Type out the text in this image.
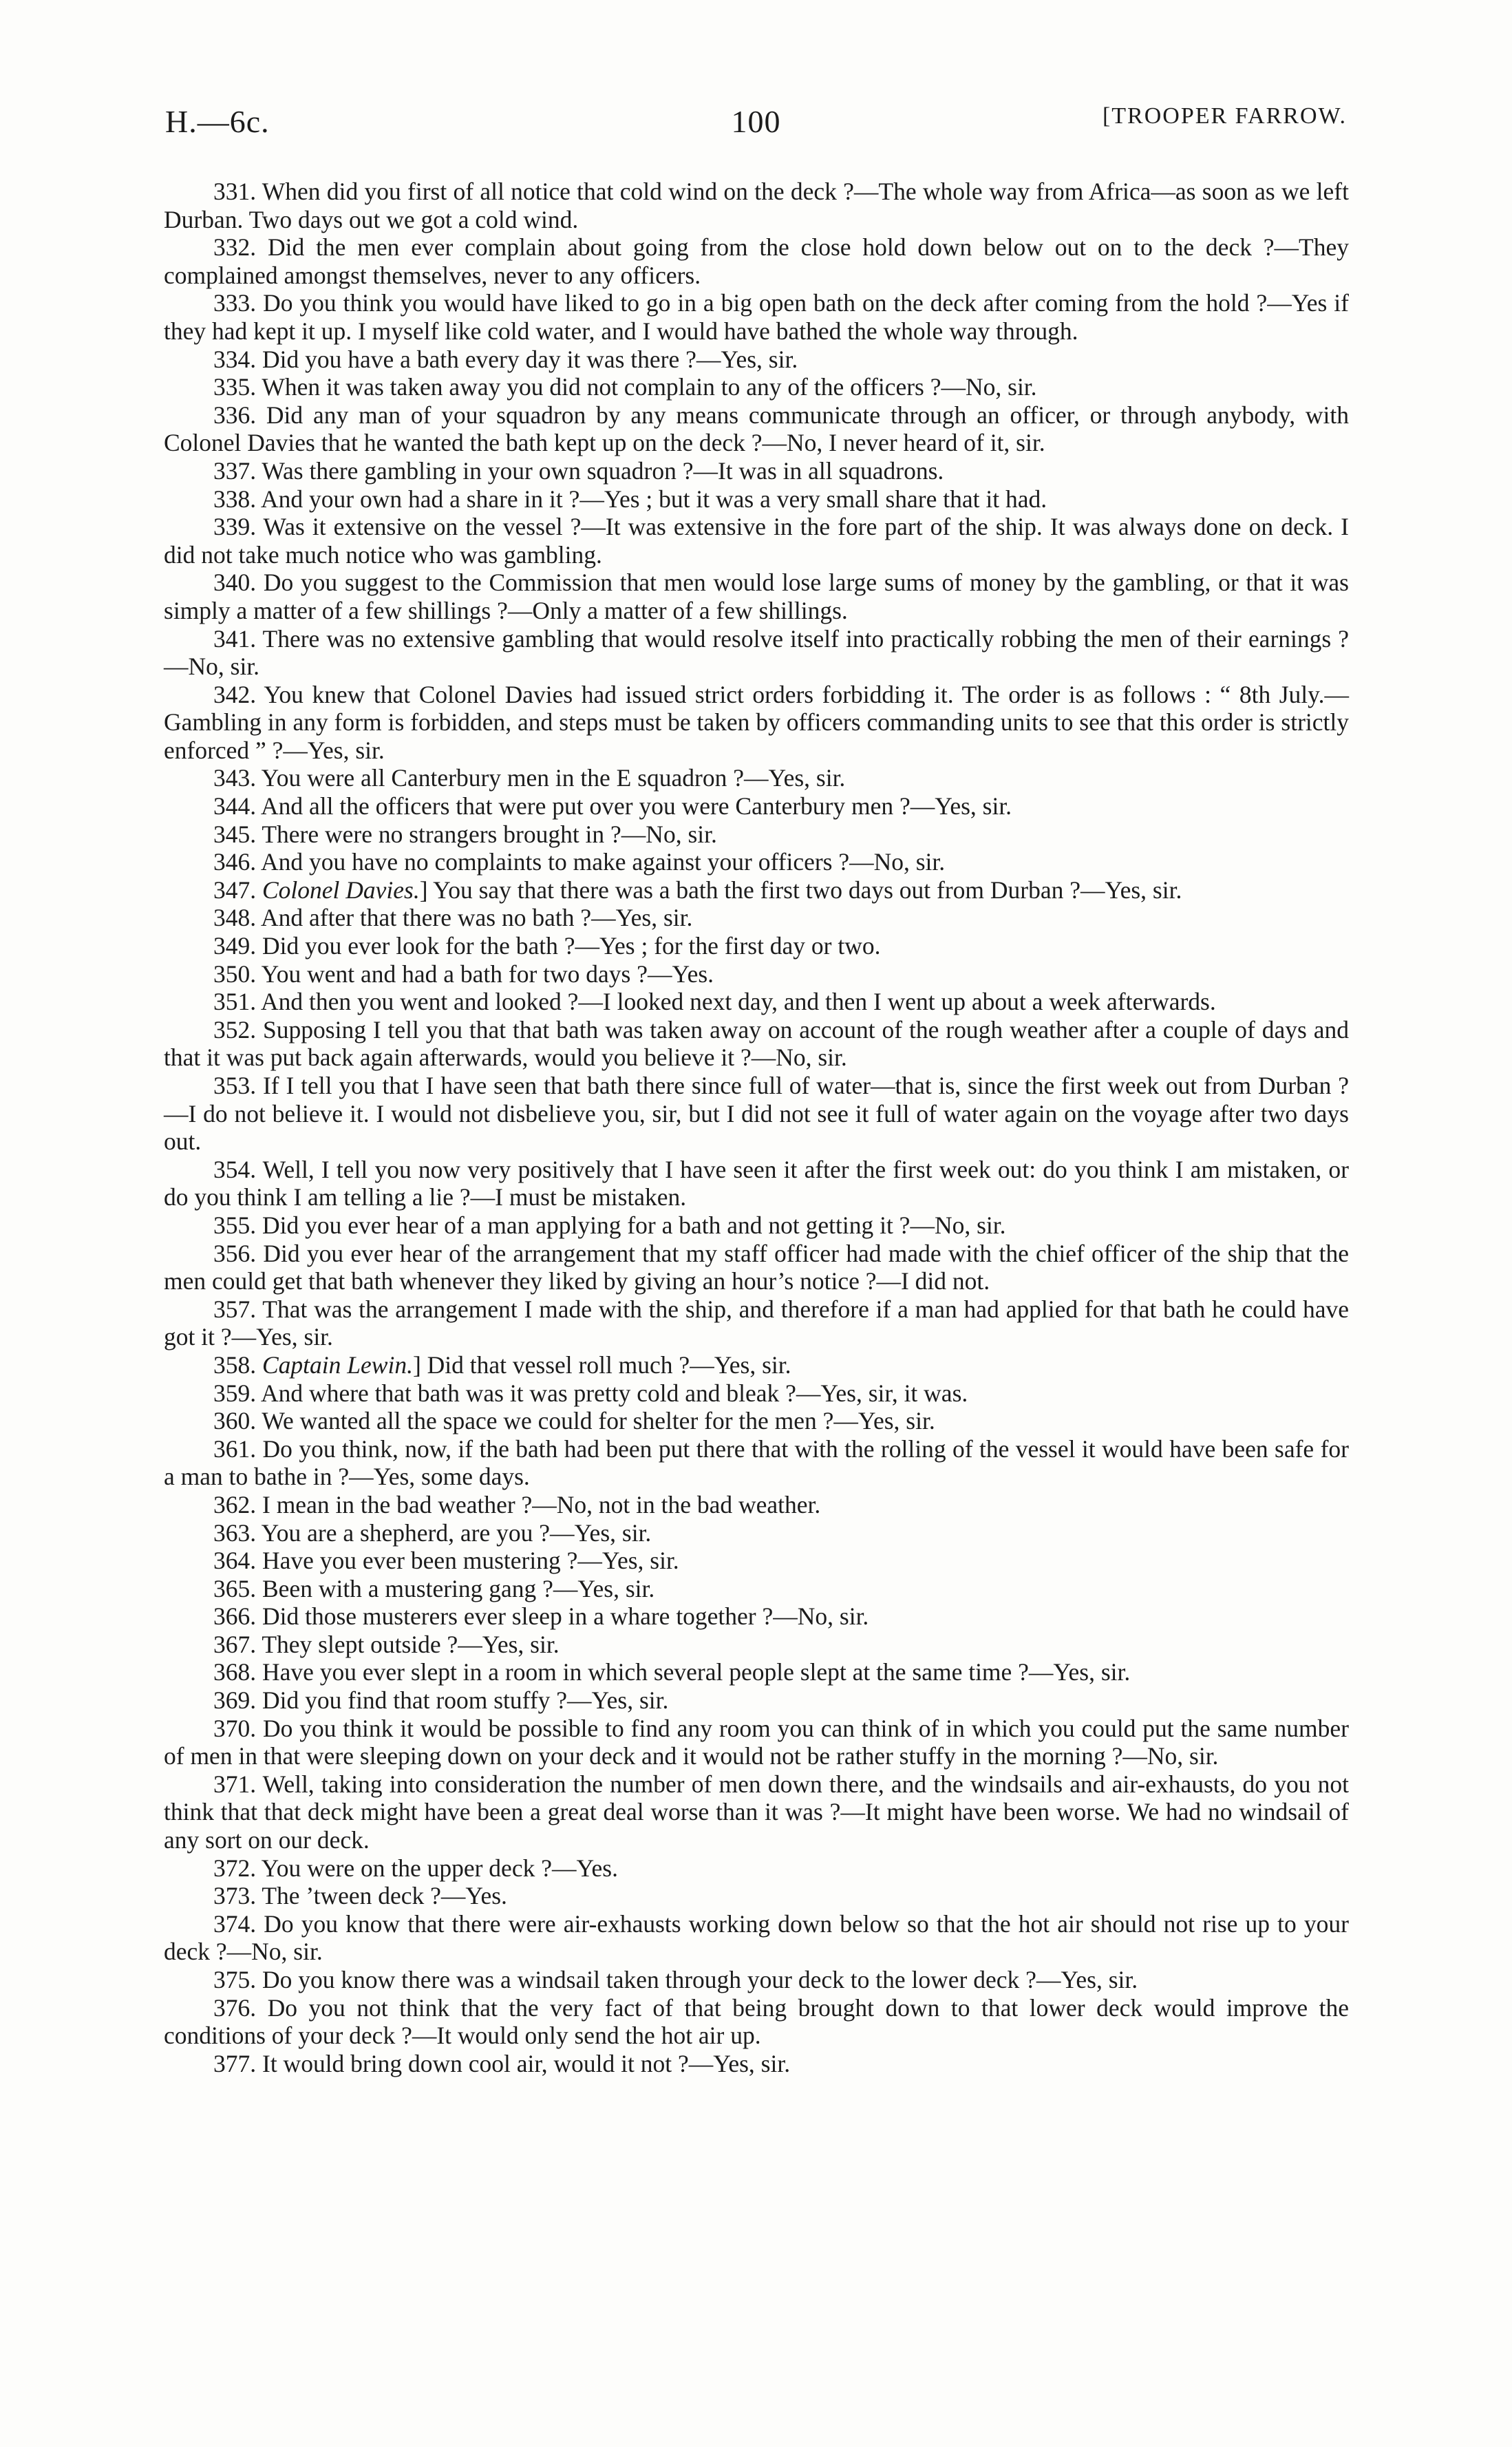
H.—6c.	100	[TROOPER FARROW.

331. When did you first of all notice that cold wind on the deck ?—The whole way from Africa—as soon as we left Durban. Two days out we got a cold wind.

332. Did the men ever complain about going from the close hold down below out on to the deck ?—They complained amongst themselves, never to any officers.

333. Do you think you would have liked to go in a big open bath on the deck after coming from the hold ?—Yes if they had kept it up. I myself like cold water, and I would have bathed the whole way through.

334. Did you have a bath every day it was there ?—Yes, sir.

335. When it was taken away you did not complain to any of the officers ?—No, sir.

336. Did any man of your squadron by any means communicate through an officer, or through anybody, with Colonel Davies that he wanted the bath kept up on the deck ?—No, I never heard of it, sir.

337. Was there gambling in your own squadron ?—It was in all squadrons.

338. And your own had a share in it ?—Yes ; but it was a very small share that it had.

339. Was it extensive on the vessel ?—It was extensive in the fore part of the ship. It was always done on deck. I did not take much notice who was gambling.

340. Do you suggest to the Commission that men would lose large sums of money by the gambling, or that it was simply a matter of a few shillings ?—Only a matter of a few shillings.

341. There was no extensive gambling that would resolve itself into practically robbing the men of their earnings ?—No, sir.

342. You knew that Colonel Davies had issued strict orders forbidding it. The order is as follows : “ 8th July.—Gambling in any form is forbidden, and steps must be taken by officers commanding units to see that this order is strictly enforced ” ?—Yes, sir.

343. You were all Canterbury men in the E squadron ?—Yes, sir.

344. And all the officers that were put over you were Canterbury men ?—Yes, sir.

345. There were no strangers brought in ?—No, sir.

346. And you have no complaints to make against your officers ?—No, sir.

347. Colonel Davies.] You say that there was a bath the first two days out from Durban ?—Yes, sir.

348. And after that there was no bath ?—Yes, sir.

349. Did you ever look for the bath ?—Yes ; for the first day or two.

350. You went and had a bath for two days ?—Yes.

351. And then you went and looked ?—I looked next day, and then I went up about a week afterwards.

352. Supposing I tell you that that bath was taken away on account of the rough weather after a couple of days and that it was put back again afterwards, would you believe it ?—No, sir.

353. If I tell you that I have seen that bath there since full of water—that is, since the first week out from Durban ?—I do not believe it. I would not disbelieve you, sir, but I did not see it full of water again on the voyage after two days out.

354. Well, I tell you now very positively that I have seen it after the first week out: do you think I am mistaken, or do you think I am telling a lie ?—I must be mistaken.

355. Did you ever hear of a man applying for a bath and not getting it ?—No, sir.

356. Did you ever hear of the arrangement that my staff officer had made with the chief officer of the ship that the men could get that bath whenever they liked by giving an hour’s notice ?—I did not.

357. That was the arrangement I made with the ship, and therefore if a man had applied for that bath he could have got it ?—Yes, sir.

358. Captain Lewin.] Did that vessel roll much ?—Yes, sir.

359. And where that bath was it was pretty cold and bleak ?—Yes, sir, it was.

360. We wanted all the space we could for shelter for the men ?—Yes, sir.

361. Do you think, now, if the bath had been put there that with the rolling of the vessel it would have been safe for a man to bathe in ?—Yes, some days.

362. I mean in the bad weather ?—No, not in the bad weather.

363. You are a shepherd, are you ?—Yes, sir.

364. Have you ever been mustering ?—Yes, sir.

365. Been with a mustering gang ?—Yes, sir.

366. Did those musterers ever sleep in a whare together ?—No, sir.

367. They slept outside ?—Yes, sir.

368. Have you ever slept in a room in which several people slept at the same time ?—Yes, sir.

369. Did you find that room stuffy ?—Yes, sir.

370. Do you think it would be possible to find any room you can think of in which you could put the same number of men in that were sleeping down on your deck and it would not be rather stuffy in the morning ?—No, sir.

371. Well, taking into consideration the number of men down there, and the windsails and air-exhausts, do you not think that that deck might have been a great deal worse than it was ?—It might have been worse. We had no windsail of any sort on our deck.

372. You were on the upper deck ?—Yes.

373. The ’tween deck ?—Yes.

374. Do you know that there were air-exhausts working down below so that the hot air should not rise up to your deck ?—No, sir.

375. Do you know there was a windsail taken through your deck to the lower deck ?—Yes, sir.

376. Do you not think that the very fact of that being brought down to that lower deck would improve the conditions of your deck ?—It would only send the hot air up.

377. It would bring down cool air, would it not ?—Yes, sir.
